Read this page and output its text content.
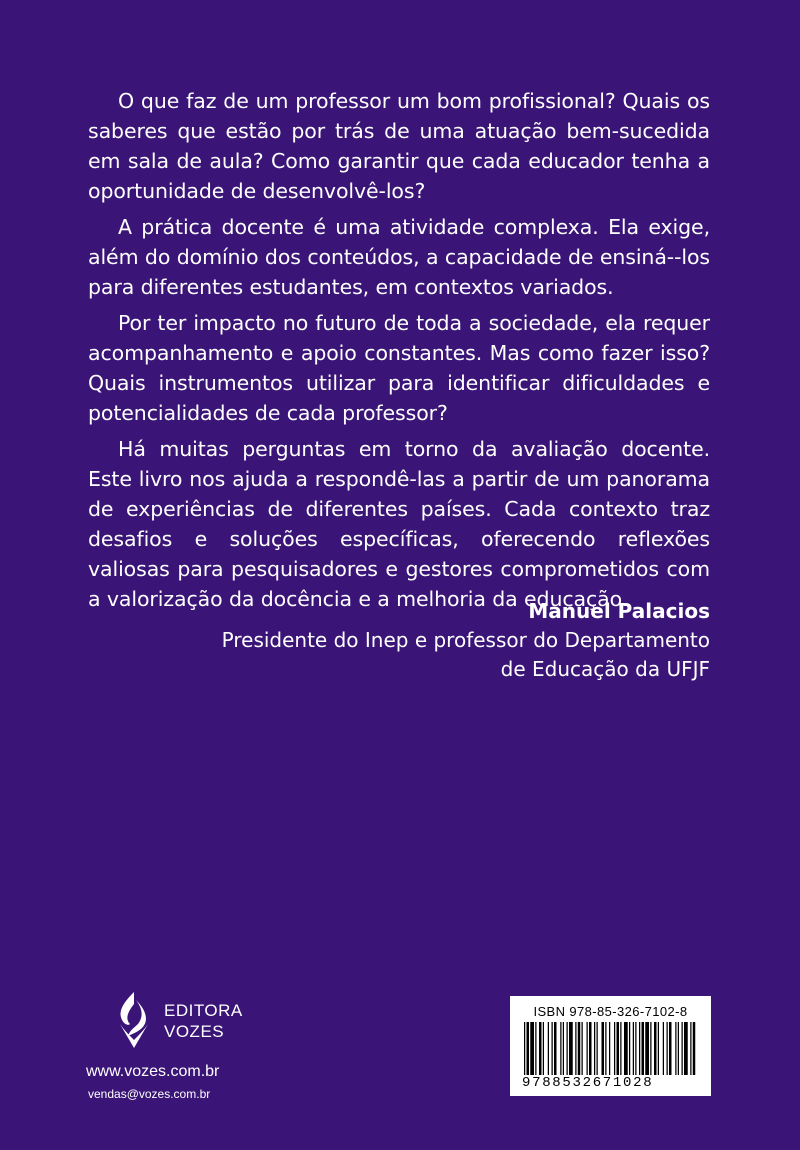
O que faz de um professor um bom profissional? Quais os saberes que estão por trás de uma atuação bem-sucedida em sala de aula? Como garantir que cada educador tenha a oportunidade de desenvolvê-los?

A prática docente é uma atividade complexa. Ela exige, além do domínio dos conteúdos, a capacidade de ensiná--los para diferentes estudantes, em contextos variados.

Por ter impacto no futuro de toda a sociedade, ela requer acompanhamento e apoio constantes. Mas como fazer isso? Quais instrumentos utilizar para identificar dificuldades e potencialidades de cada professor?

Há muitas perguntas em torno da avaliação docente. Este livro nos ajuda a respondê-las a partir de um panorama de experiências de diferentes países. Cada contexto traz desafios e soluções específicas, oferecendo reflexões valiosas para pesquisadores e gestores comprometidos com a valorização da docência e a melhoria da educação.

Manuel Palacios
Presidente do Inep e professor do Departamento de Educação da UFJF
EDITORA
VOZES
www.vozes.com.br
vendas@vozes.com.br
ISBN 978-85-326-7102-8
9788532671028
